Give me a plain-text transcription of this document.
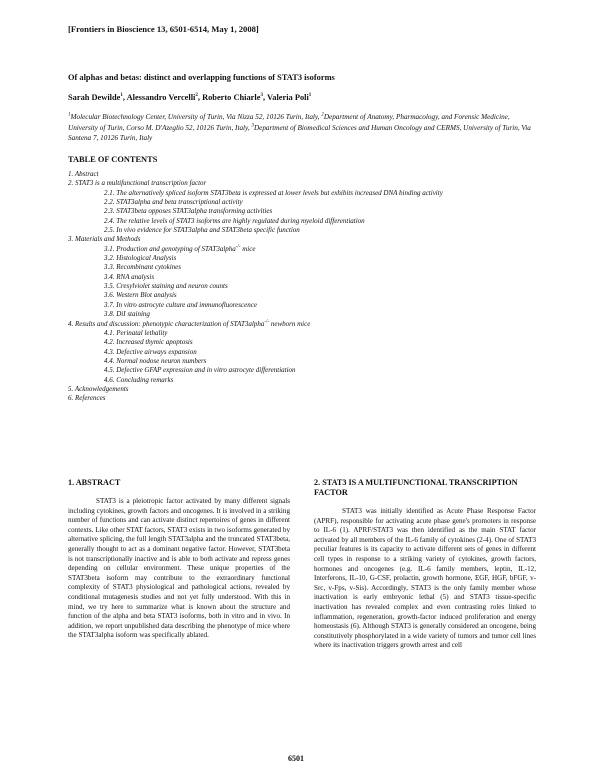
[Frontiers in Bioscience 13, 6501-6514, May 1, 2008]
Of alphas and betas: distinct and overlapping functions of STAT3 isoforms
Sarah Dewilde$^1$, Alessandro Vercelli$^2$, Roberto Chiarle$^3$, Valeria Poli$^1$
$^1$Molecular Biotechnology Center, University of Turin, Via Nizza 52, 10126 Turin, Italy, $^2$Department of Anatomy, Pharmacology, and Forensic Medicine, University of Turin, Corso M. D'Azeglio 52, 10126 Turin, Italy, $^3$Department of Biomedical Sciences and Human Oncology and CERMS, University of Turin, Via Santena 7, 10126 Turin, Italy
TABLE OF CONTENTS
1. Abstract
2. STAT3 is a multifunctional transcription factor
2.1. The alternatively spliced isoform STAT3beta is expressed at lower levels but exhibits increased DNA binding activity
2.2. STAT3alpha and beta transcriptional activity
2.3. STAT3beta opposes STAT3alpha transforming activities
2.4. The relative levels of STAT3 isoforms are highly regulated during myeloid differentiation
2.5. In vivo evidence for STAT3alpha and STAT3beta specific function
3. Materials and Methods
3.1. Production and genotyping of STAT3alpha-/- mice
3.2. Histological Analysis
3.3. Recombinant cytokines
3.4. RNA analysis
3.5. Cresylviolet staining and neuron counts
3.6. Western Blot analysis
3.7. In vitro astrocyte culture and immunofluorescence
3.8. DiI staining
4. Results and discussion: phenotypic characterization of STAT3alpha-/- newborn mice
4.1. Perinatal lethality
4.2. Increased thymic apoptosis
4.3. Defective airways expansion
4.4. Normal nodose neuron numbers
4.5. Defective GFAP expression and in vitro astrocyte differentiation
4.6. Concluding remarks
5. Acknowledgements
6. References
1. ABSTRACT

STAT3 is a pleiotropic factor activated by many different signals including cytokines, growth factors and oncogenes. It is involved in a striking number of functions and can activate distinct repertoires of genes in different contexts. Like other STAT factors, STAT3 exists in two isoforms generated by alternative splicing, the full length STAT3alpha and the truncated STAT3beta, generally thought to act as a dominant negative factor. However, STAT3beta is not transcriptionally inactive and is able to both activate and repress genes depending on cellular environment. These unique properties of the STAT3beta isoform may contribute to the extraordinary functional complexity of STAT3 physiological and pathological actions, revealed by conditional mutagenesis studies and not yet fully understood. With this in mind, we try here to summarize what is known about the structure and function of the alpha and beta STAT3 isoforms, both in vitro and in vivo. In addition, we report unpublished data describing the phenotype of mice where the STAT3alpha isoform was specifically ablated.

2. STAT3 IS A MULTIFUNCTIONAL TRANSCRIPTION FACTOR

STAT3 was initially identified as Acute Phase Response Factor (APRF), responsible for activating acute phase gene's promoters in response to IL-6 (1). APRF/STAT3 was then identified as the main STAT factor activated by all members of the IL-6 family of cytokines (2-4). One of STAT3 peculiar features is its capacity to activate different sets of genes in different cell types in response to a striking variety of cytokines, growth factors, hormones and oncogenes (e.g. IL-6 family members, leptin, IL-12, Interferons, IL-10, G-CSF, prolactin, growth hormone, EGF, HGF, bFGF, v-Src, v-Fps, v-Sis). Accordingly, STAT3 is the only family member whose inactivation is early embryonic lethal (5) and STAT3 tissue-specific inactivation has revealed complex and even contrasting roles linked to inflammation, regeneration, growth-factor induced proliferation and energy homeostasis (6). Although STAT3 is generally considered an oncogene, being constitutively phosphorylated in a wide variety of tumors and tumor cell lines where its inactivation triggers growth arrest and cell

6501
